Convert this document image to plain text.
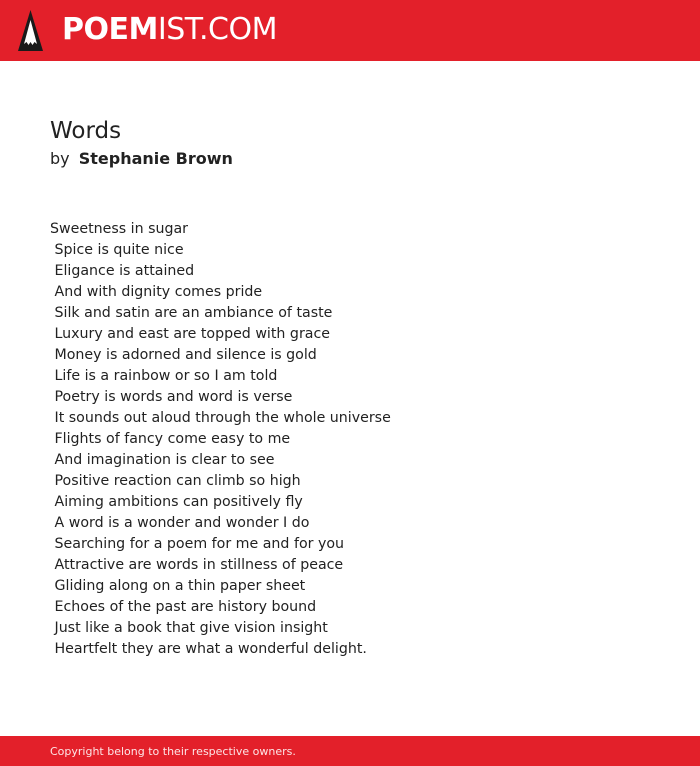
POEMIST.COM
Words
by Stephanie Brown
Sweetness in sugar
Spice is quite nice
Eligance is attained
And with dignity comes pride
Silk and satin are an ambiance of taste
Luxury and east are topped with grace
Money is adorned and silence is gold
Life is a rainbow or so I am told
Poetry is words and word is verse
It sounds out aloud through the whole universe
Flights of fancy come easy to me
And imagination is clear to see
Positive reaction can climb so high
Aiming ambitions can positively fly
A word is a wonder and wonder I do
Searching for a poem for me and for you
Attractive are words in stillness of peace
Gliding along on a thin paper sheet
Echoes of the past are history bound
Just like a book that give vision insight
Heartfelt they are what a wonderful delight.
Copyright belong to their respective owners.
